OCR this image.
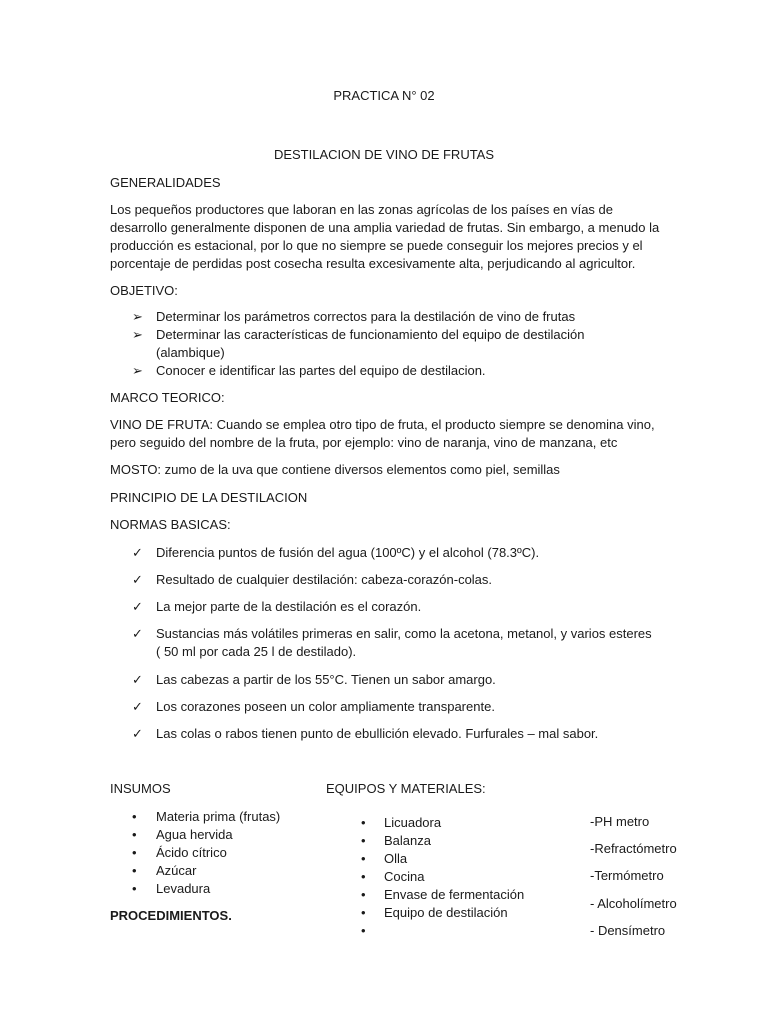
PRACTICA N° 02
DESTILACION DE VINO DE FRUTAS
GENERALIDADES
Los pequeños productores que laboran en las zonas agrícolas de los países en vías de desarrollo generalmente disponen de una amplia variedad de frutas. Sin embargo, a menudo la producción es estacional, por lo que no siempre se puede conseguir los mejores precios y el porcentaje de perdidas post cosecha resulta excesivamente alta, perjudicando al agricultor.
OBJETIVO:
➢ Determinar los parámetros correctos para la destilación de vino de frutas
➢ Determinar las características de funcionamiento del equipo de destilación
(alambique)
➢ Conocer e identificar las partes del equipo de destilacion.
MARCO TEORICO:
VINO DE FRUTA: Cuando se emplea otro tipo de fruta, el producto siempre se denomina vino, pero seguido del nombre de la fruta, por ejemplo: vino de naranja, vino de manzana, etc
MOSTO: zumo de la uva que contiene diversos elementos como piel, semillas
PRINCIPIO DE LA DESTILACION
NORMAS BASICAS:
✓ Diferencia puntos de fusión del agua (100ºC) y el alcohol (78.3ºC).
✓ Resultado de cualquier destilación: cabeza-corazón-colas.
✓ La mejor parte de la destilación es el corazón.
✓ Sustancias más volátiles primeras en salir, como la acetona, metanol, y varios esteres
( 50 ml por cada 25 l de destilado).
✓ Las cabezas a partir de los 55°C. Tienen un sabor amargo.
✓ Los corazones poseen un color ampliamente transparente.
✓ Las colas o rabos tienen punto de ebullición elevado. Furfurales – mal sabor.
INSUMOS	EQUIPOS Y MATERIALES:
• Materia prima (frutas)
• Agua hervida
• Ácido cítrico
• Azúcar
• Levadura
PROCEDIMIENTOS.
• Licuadora
• Balanza
• Olla
• Cocina
• Envase de fermentación
• Equipo de destilación
•
-PH metro
-Refractómetro
-Termómetro
- Alcoholímetro
- Densímetro
